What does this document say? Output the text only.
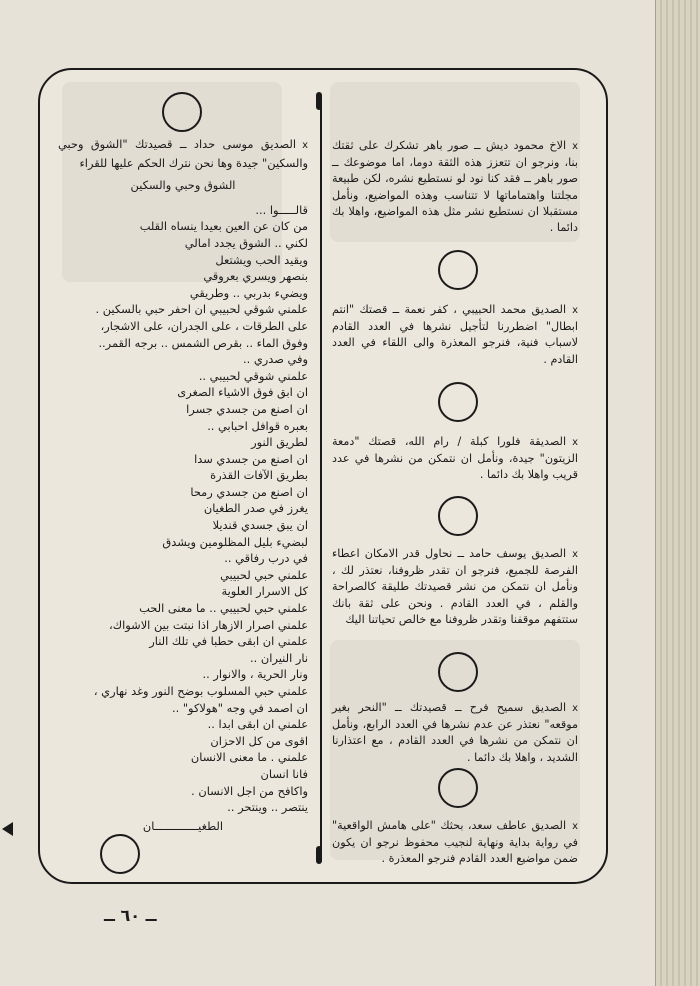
xالاخ محمود ديش ــ صور باهر تشكرك على ثقتك بنا، ونرجو ان تتعزز هذه الثقة دوما، اما موضوعك ــ صور باهر ــ فقد كنا نود لو نستطيع نشره، لكن طبيعة مجلتنا واهتماماتها لا تتناسب وهذه المواضيع، ونأمل مستقبلا ان نستطيع نشر مثل هذه المواضيع، واهلا بك دائما .
xالصديق محمد الحبيبي ، كفر نعمة ــ قصتك "انتم ابطال" اضطررنا لتأجيل نشرها في العدد القادم لاسباب فنية، فنرجو المعذرة والى اللقاء في العدد القادم .
xالصديقة فلورا كبلة / رام الله، قصتك "دمعة الزيتون" جيدة، ونأمل ان نتمكن من نشرها في عدد قريب واهلا بك دائما .
xالصديق يوسف حامد ــ نحاول قدر الامكان اعطاء الفرصة للجميع، فنرجو ان تقدر ظروفنا، نعتذر لك ، ونأمل ان نتمكن من نشر قصيدتك طليقة كالصراحة والقلم ، في العدد القادم . ونحن على ثقة بانك ستتفهم موقفنا وتقدر ظروفنا مع خالص تحياتنا اليك
xالصديق سميح فرح ــ قصيدتك ــ "النحر بغير موقعه" نعتذر عن عدم نشرها في العدد الرابع، ونأمل ان نتمكن من نشرها في العدد القادم ، مع اعتذارنا الشديد ، واهلا بك دائما .
xالصديق عاطف سعد، بحثك "على هامش الواقعية" في رواية بداية ونهاية لنجيب محفوظ نرجو ان يكون ضمن مواضيع العدد القادم فنرجو المعذرة .
xالصديق موسى حداد ــ قصيدتك "الشوق وحبي والسكين" جيدة وها نحن نترك الحكم عليها للقراء
الشوق وحبي والسكين
قالـــــوا ...
من كان عن العين بعيدا ينساه القلب
لكني .. الشوق يجدد امالي
ويقيد الحب ويشتعل
بنصهر ويسري بعروقي
ويضيء بدربي .. وطريقي
علمني شوقي لحبيبي ان احفر حبي بالسكين .
على الطرقات ، على الجدران، على الاشجار،
وفوق الماء .. بقرص الشمس .. برجه القمر..
وفي صدري ..
علمني شوقي لحبيبي ..
ان ابق فوق الاشياء الصغرى
ان اصنع من جسدي جسرا
بعبره قوافل احبابي ..
لطريق النور
ان اصنع من جسدي سدا
بطريق الآفات القذرة
ان اصنع من جسدي رمحا
يغرز في صدر الطغيان
ان يبق جسدي قنديلا
لبضيء بليل المظلومين ويشدق
في درب رفاقي ..
علمني حبي لحبيبي
كل الاسرار العلوية
علمني حبي لحبيبي .. ما معنى الحب
علمني اصرار الازهار اذا نبتت بين الاشواك،
علمني ان ابقى حطبا في تلك النار
نار النيران ..
ونار الحرية ، والانوار ..
علمني حبي المسلوب بوضح النور وغد نهاري ،
ان اصمد في وجه "هولاكو" ..
علمني ان ابقى ابدا ..
اقوى من كل الاحزان
علمني . ما معنى الانسان
فانا انسان
واكافح من اجل الانسان .
ينتصر .. وينتحر ..
الطغيـــــــــــــان
ــ ٦٠ ــ
